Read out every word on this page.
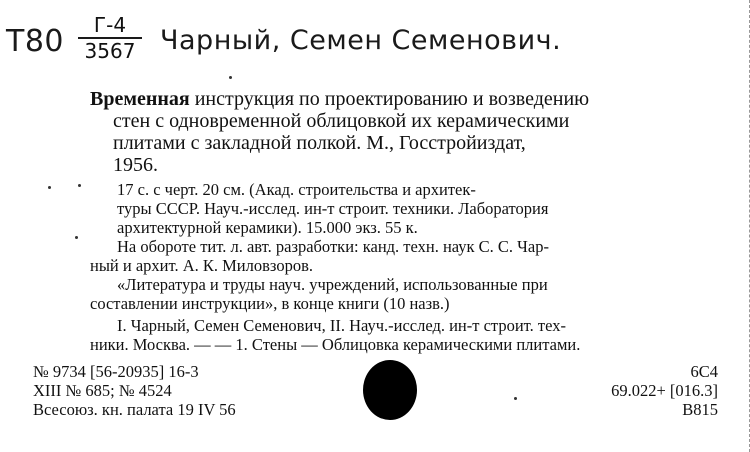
T80	Г-4
3567 Чарный, Семен Семенович.
Временная инструкция по проектированию и возведению
стен с одновременной облицовкой их керамическими
плитами с закладной полкой. М., Госстройиздат,
1956.
17 с. с черт. 20 см. (Акад. строительства и архитек-
туры СССР. Науч.-исслед. ин-т строит. техники. Лаборатория
архитектурной керамики). 15.000 экз. 55 к.
На обороте тит. л. авт. разработки: канд. техн. наук С. С. Чар-
ный и архит. А. К. Миловзоров.
«Литература и труды науч. учреждений, использованные при
составлении инструкции», в конце книги (10 назв.)
I. Чарный, Семен Семенович, II. Науч.-исслед. ин-т строит. тех-
ники. Москва. — — 1. Стены — Облицовка керамическими плитами.
№ 9734 [56-20935] 16-3
XIII № 685; № 4524
Всесоюз. кн. палата 19 IV 56
6С4
69.022+ [016.3]
В815
